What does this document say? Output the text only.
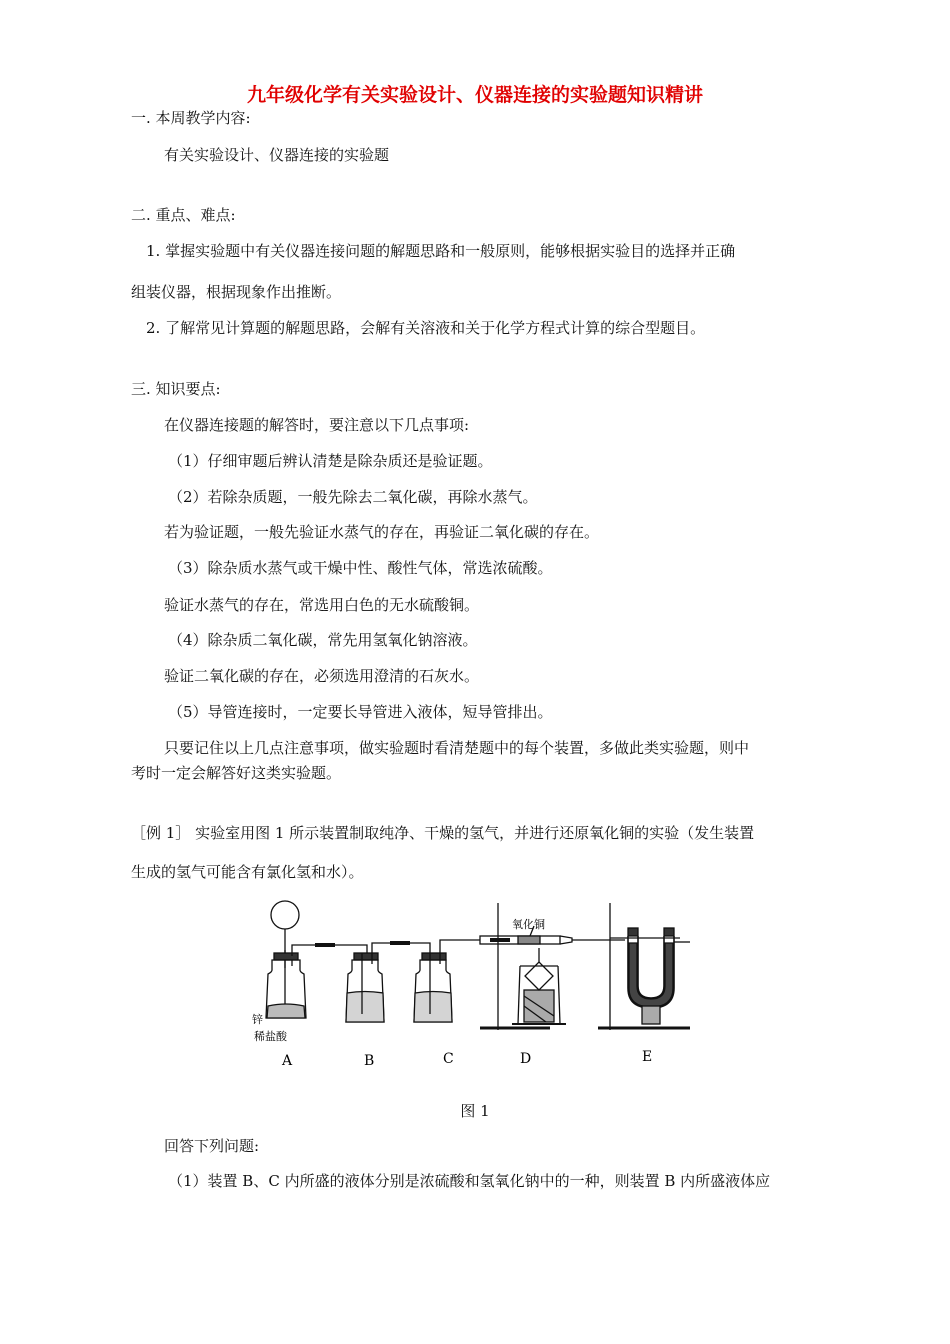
九年级化学有关实验设计、仪器连接的实验题知识精讲
一. 本周教学内容:
有关实验设计、仪器连接的实验题
二. 重点、难点:
1. 掌握实验题中有关仪器连接问题的解题思路和一般原则，能够根据实验目的选择并正确
组装仪器，根据现象作出推断。
2. 了解常见计算题的解题思路，会解有关溶液和关于化学方程式计算的综合型题目。
三. 知识要点:
在仪器连接题的解答时，要注意以下几点事项:
（1）仔细审题后辨认清楚是除杂质还是验证题。
（2）若除杂质题，一般先除去二氧化碳，再除水蒸气。
若为验证题，一般先验证水蒸气的存在，再验证二氧化碳的存在。
（3）除杂质水蒸气或干燥中性、酸性气体，常选浓硫酸。
验证水蒸气的存在，常选用白色的无水硫酸铜。
（4）除杂质二氧化碳，常先用氢氧化钠溶液。
验证二氧化碳的存在，必须选用澄清的石灰水。
（5）导管连接时，一定要长导管进入液体，短导管排出。
只要记住以上几点注意事项，做实验题时看清楚题中的每个装置，多做此类实验题，则中
考时一定会解答好这类实验题。
［例 1］ 实验室用图 1 所示装置制取纯净、干燥的氢气，并进行还原氧化铜的实验（发生装置
生成的氢气可能含有氯化氢和水）。
锌
稀盐酸
氧化铜
A	B	C	D	E
图 1
回答下列问题:
（1）装置 B、C 内所盛的液体分别是浓硫酸和氢氧化钠中的一种，则装置 B 内所盛液体应
